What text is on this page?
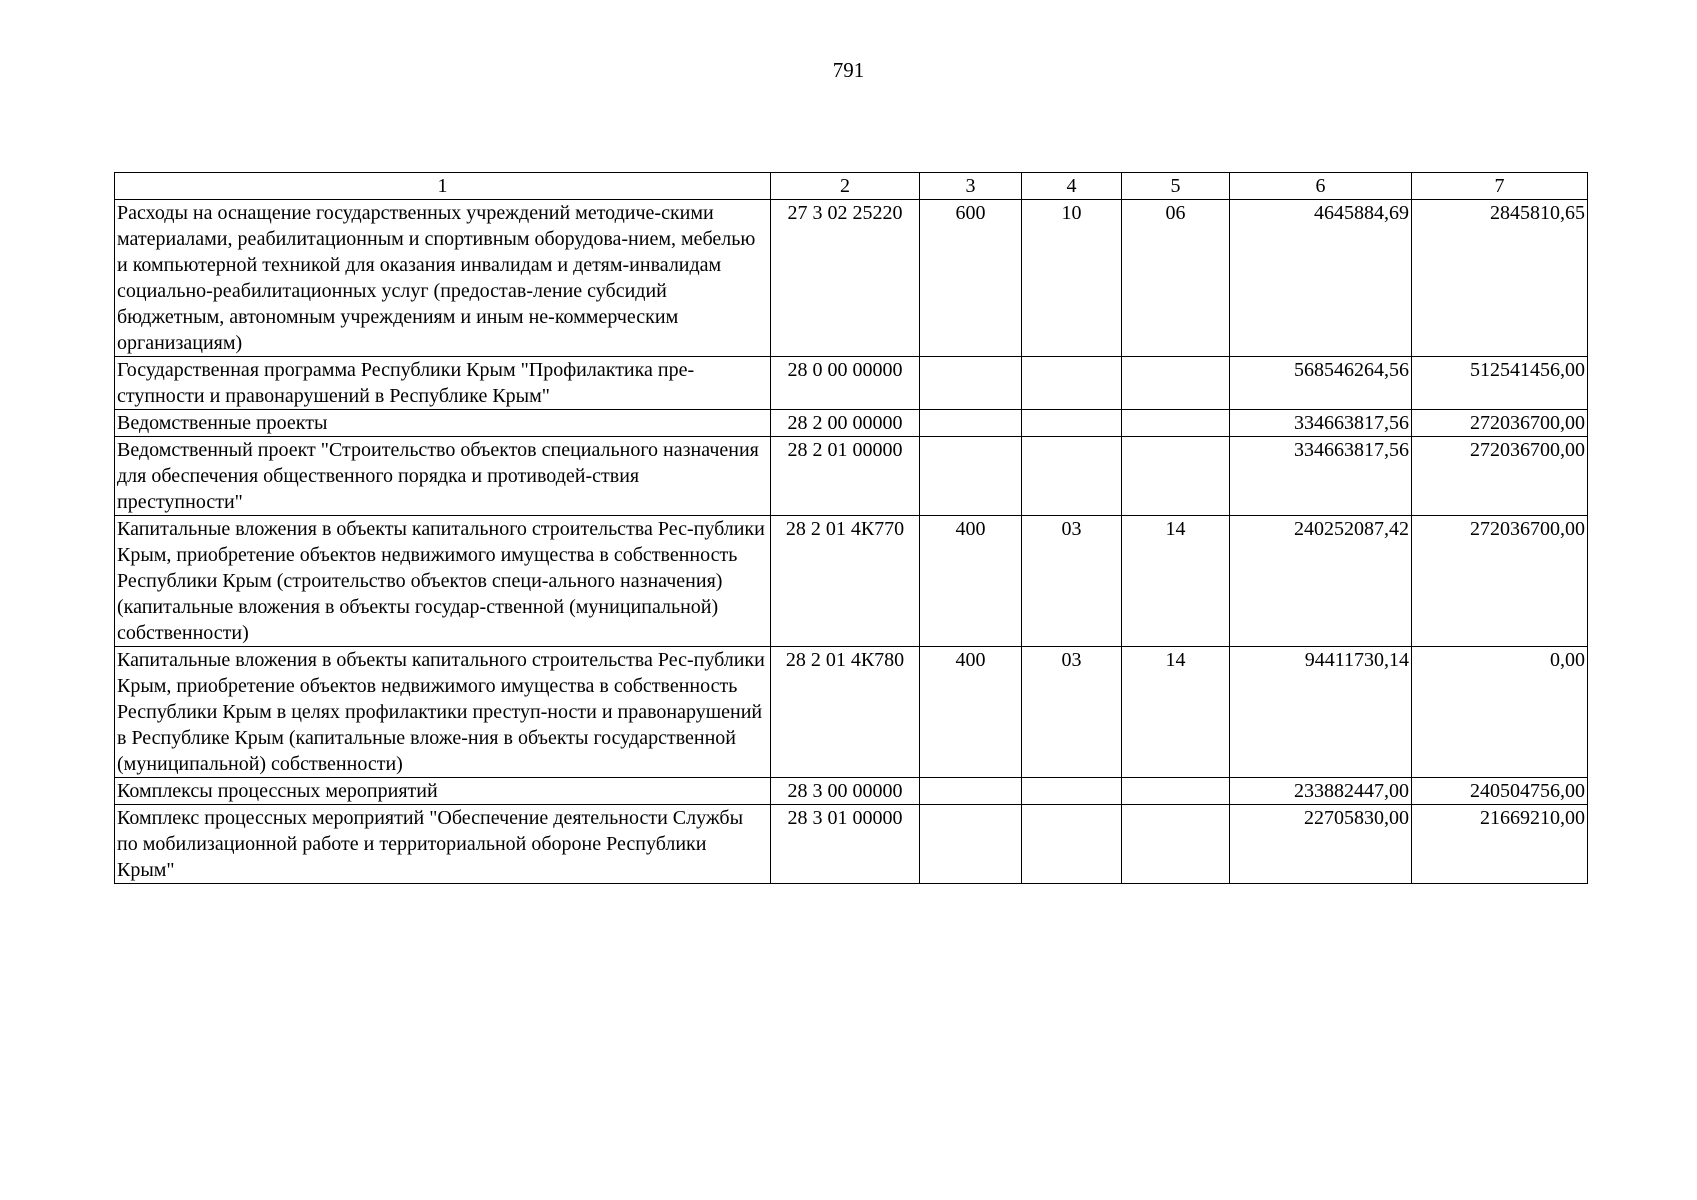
791
1	2	3	4	5	6	7
Расходы на оснащение государственных учреждений методиче-скими материалами, реабилитационным и спортивным оборудова-нием, мебелью и компьютерной техникой для оказания инвалидам и детям-инвалидам социально-реабилитационных услуг (предостав-ление субсидий бюджетным, автономным учреждениям и иным не-коммерческим организациям)	27 3 02 25220	600	10	06	4645884,69	2845810,65
Государственная программа Республики Крым "Профилактика пре-ступности и правонарушений в Республике Крым"	28 0 00 00000				568546264,56	512541456,00
Ведомственные проекты	28 2 00 00000				334663817,56	272036700,00
Ведомственный проект "Строительство объектов специального назначения для обеспечения общественного порядка и противодей-ствия преступности"	28 2 01 00000				334663817,56	272036700,00
Капитальные вложения в объекты капитального строительства Рес-публики Крым, приобретение объектов недвижимого имущества в собственность Республики Крым (строительство объектов специ-ального назначения) (капитальные вложения в объекты государ-ственной (муниципальной) собственности)	28 2 01 4К770	400	03	14	240252087,42	272036700,00
Капитальные вложения в объекты капитального строительства Рес-публики Крым, приобретение объектов недвижимого имущества в собственность Республики Крым в целях профилактики преступ-ности и правонарушений в Республике Крым (капитальные вложе-ния в объекты государственной (муниципальной) собственности)	28 2 01 4К780	400	03	14	94411730,14	0,00
Комплексы процессных мероприятий	28 3 00 00000				233882447,00	240504756,00
Комплекс процессных мероприятий "Обеспечение деятельности Службы по мобилизационной работе и территориальной обороне Республики Крым"	28 3 01 00000				22705830,00	21669210,00
